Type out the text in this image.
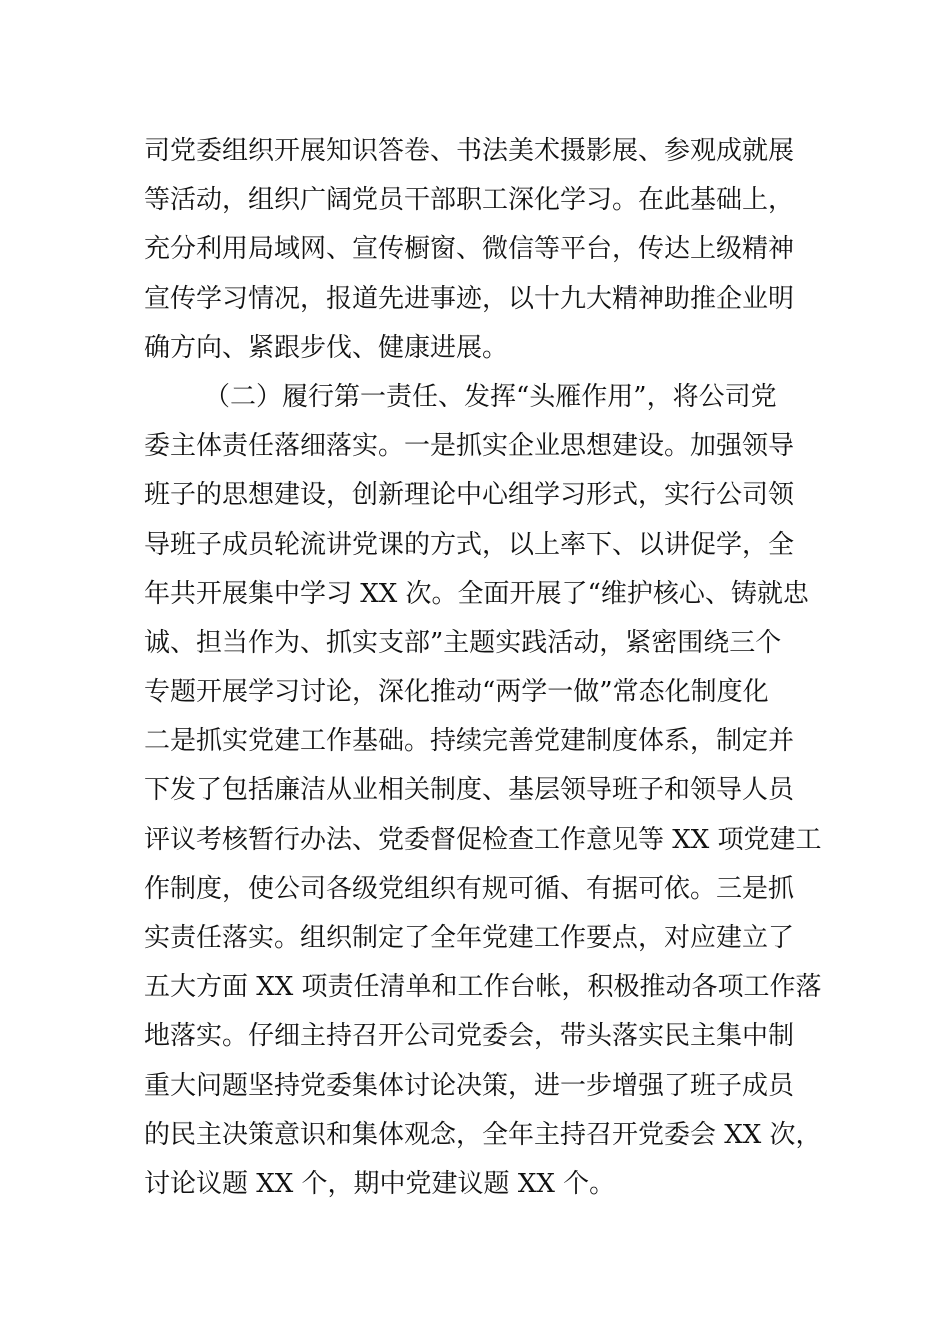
司党委组织开展知识答卷、书法美术摄影展、参观成就展
等活动，组织广阔党员干部职工深化学习。在此基础上，
充分利用局域网、宣传橱窗、微信等平台，传达上级精神
宣传学习情况，报道先进事迹，以十九大精神助推企业明
确方向、紧跟步伐、健康进展。
（二）履行第一责任、发挥“头雁作用”，将公司党
委主体责任落细落实。一是抓实企业思想建设。加强领导
班子的思想建设，创新理论中心组学习形式，实行公司领
导班子成员轮流讲党课的方式，以上率下、以讲促学，全
年共开展集中学习 XX 次。全面开展了“维护核心、铸就忠
诚、担当作为、抓实支部”主题实践活动，紧密围绕三个
专题开展学习讨论，深化推动“两学一做”常态化制度化
二是抓实党建工作基础。持续完善党建制度体系，制定并
下发了包括廉洁从业相关制度、基层领导班子和领导人员
评议考核暂行办法、党委督促检查工作意见等 XX 项党建工
作制度，使公司各级党组织有规可循、有据可依。三是抓
实责任落实。组织制定了全年党建工作要点，对应建立了
五大方面 XX 项责任清单和工作台帐，积极推动各项工作落
地落实。仔细主持召开公司党委会，带头落实民主集中制
重大问题坚持党委集体讨论决策，进一步增强了班子成员
的民主决策意识和集体观念，全年主持召开党委会 XX 次，
讨论议题 XX 个，期中党建议题 XX 个。
